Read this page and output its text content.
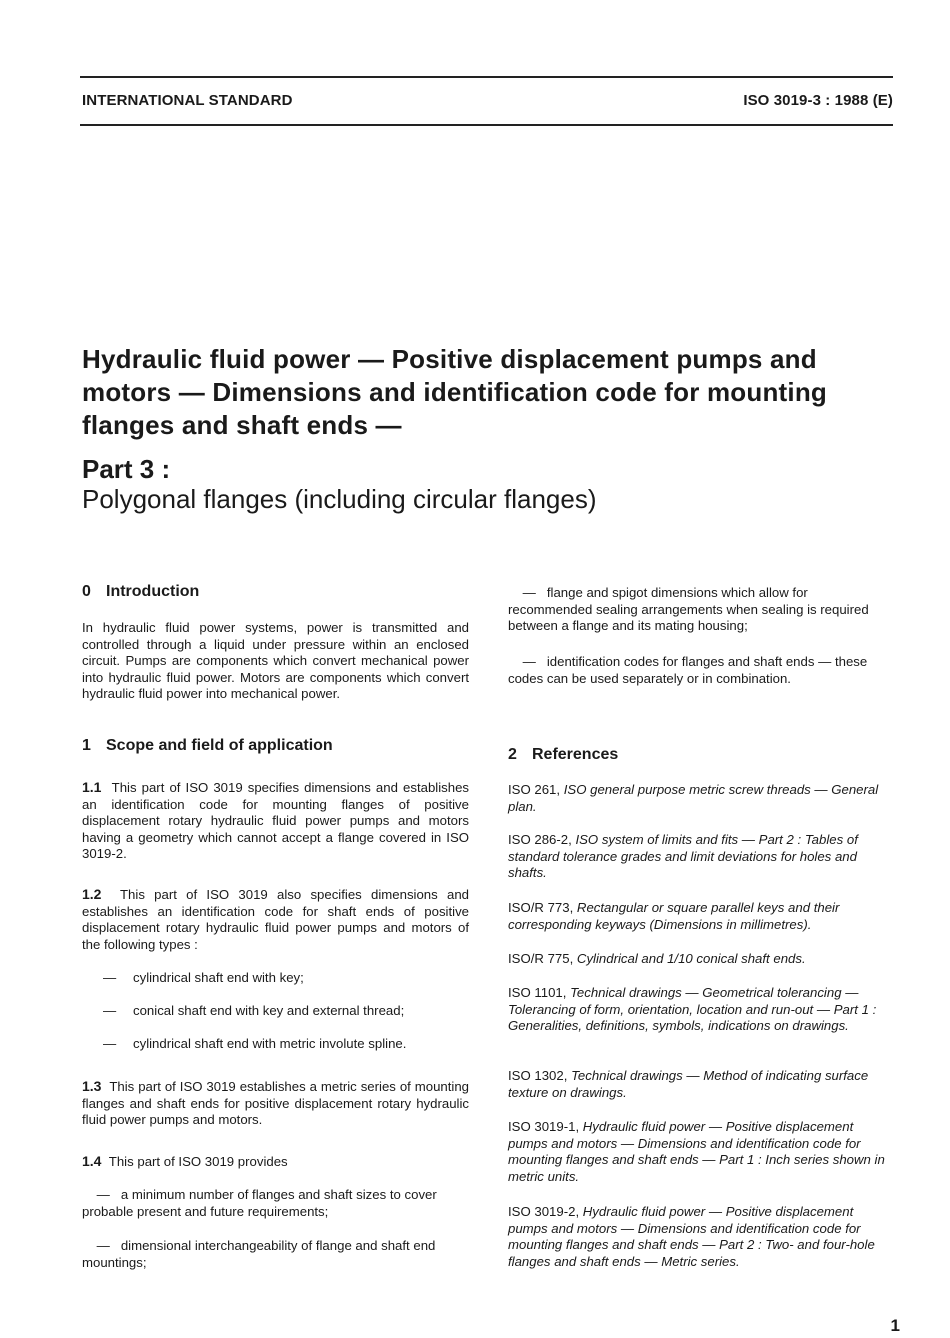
INTERNATIONAL STANDARD	ISO 3019-3 : 1988 (E)
Hydraulic fluid power — Positive displacement pumps and motors — Dimensions and identification code for mounting flanges and shaft ends —
Part 3 :
Polygonal flanges (including circular flanges)
0 Introduction
In hydraulic fluid power systems, power is transmitted and controlled through a liquid under pressure within an enclosed circuit. Pumps are components which convert mechanical power into hydraulic fluid power. Motors are components which convert hydraulic fluid power into mechanical power.
1 Scope and field of application
1.1 This part of ISO 3019 specifies dimensions and establishes an identification code for mounting flanges of positive displacement rotary hydraulic fluid power pumps and motors having a geometry which cannot accept a flange covered in ISO 3019-2.
1.2 This part of ISO 3019 also specifies dimensions and establishes an identification code for shaft ends of positive displacement rotary hydraulic fluid power pumps and motors of the following types :
— cylindrical shaft end with key;
— conical shaft end with key and external thread;
— cylindrical shaft end with metric involute spline.
1.3 This part of ISO 3019 establishes a metric series of mounting flanges and shaft ends for positive displacement rotary hydraulic fluid power pumps and motors.
1.4 This part of ISO 3019 provides
—   a minimum number of flanges and shaft sizes to cover probable present and future requirements;
—   dimensional interchangeability of flange and shaft end mountings;
—   flange and spigot dimensions which allow for recommended sealing arrangements when sealing is required between a flange and its mating housing;
—   identification codes for flanges and shaft ends — these codes can be used separately or in combination.
2 References
ISO 261, ISO general purpose metric screw threads — General plan.
ISO 286-2, ISO system of limits and fits — Part 2 : Tables of standard tolerance grades and limit deviations for holes and shafts.
ISO/R 773, Rectangular or square parallel keys and their corresponding keyways (Dimensions in millimetres).
ISO/R 775, Cylindrical and 1/10 conical shaft ends.
ISO 1101, Technical drawings — Geometrical tolerancing — Tolerancing of form, orientation, location and run-out — Part 1 : Generalities, definitions, symbols, indications on drawings.
ISO 1302, Technical drawings — Method of indicating surface texture on drawings.
ISO 3019-1, Hydraulic fluid power — Positive displacement pumps and motors — Dimensions and identification code for mounting flanges and shaft ends — Part 1 : Inch series shown in metric units.
ISO 3019-2, Hydraulic fluid power — Positive displacement pumps and motors — Dimensions and identification code for mounting flanges and shaft ends — Part 2 : Two- and four-hole flanges and shaft ends — Metric series.
1
